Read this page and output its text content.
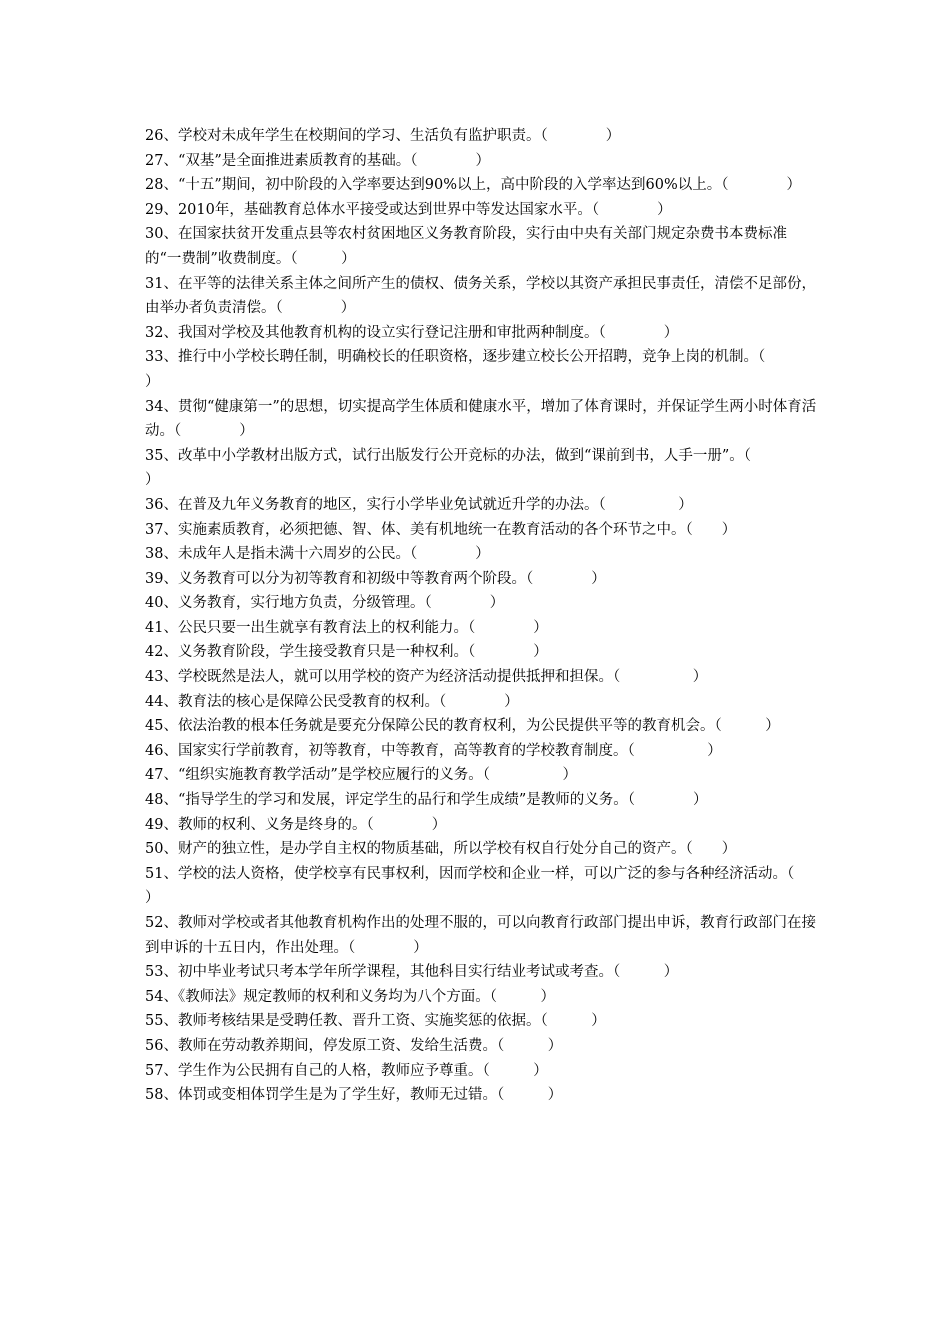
26、学校对未成年学生在校期间的学习、生活负有监护职责。（　　　　）

27、“双基”是全面推进素质教育的基础。（　　　　）

28、“十五”期间，初中阶段的入学率要达到90%以上，高中阶段的入学率达到60%以上。（　　　　）

29、2010年，基础教育总体水平接受或达到世界中等发达国家水平。（　　　　）

30、在国家扶贫开发重点县等农村贫困地区义务教育阶段，实行由中央有关部门规定杂费书本费标准的“一费制”收费制度。（　　　）

31、在平等的法律关系主体之间所产生的债权、债务关系，学校以其资产承担民事责任，清偿不足部份，由举办者负责清偿。（　　　　）

32、我国对学校及其他教育机构的设立实行登记注册和审批两种制度。（　　　　）

33、推行中小学校长聘任制，明确校长的任职资格，逐步建立校长公开招聘，竞争上岗的机制。（　　　　）

34、贯彻“健康第一”的思想，切实提高学生体质和健康水平，增加了体育课时，并保证学生两小时体育活动。（　　　　）

35、改革中小学教材出版方式，试行出版发行公开竞标的办法，做到“课前到书，人手一册”。（　　　　　）

36、在普及九年义务教育的地区，实行小学毕业免试就近升学的办法。（　　　　　）

37、实施素质教育，必须把德、智、体、美有机地统一在教育活动的各个环节之中。（　　）

38、未成年人是指未满十六周岁的公民。（　　　　）

39、义务教育可以分为初等教育和初级中等教育两个阶段。（　　　　）

40、义务教育，实行地方负责，分级管理。（　　　　）

41、公民只要一出生就享有教育法上的权利能力。（　　　　）

42、义务教育阶段，学生接受教育只是一种权利。（　　　　）

43、学校既然是法人，就可以用学校的资产为经济活动提供抵押和担保。（　　　　　）

44、教育法的核心是保障公民受教育的权利。（　　　　）

45、依法治教的根本任务就是要充分保障公民的教育权利，为公民提供平等的教育机会。（　　　）

46、国家实行学前教育，初等教育，中等教育，高等教育的学校教育制度。（　　　　　）

47、“组织实施教育教学活动”是学校应履行的义务。（　　　　　）

48、“指导学生的学习和发展，评定学生的品行和学生成绩”是教师的义务。（　　　　）

49、教师的权利、义务是终身的。（　　　　）

50、财产的独立性，是办学自主权的物质基础，所以学校有权自行处分自己的资产。（　　）

51、学校的法人资格，使学校享有民事权利，因而学校和企业一样，可以广泛的参与各种经济活动。（　　　　）

52、教师对学校或者其他教育机构作出的处理不服的，可以向教育行政部门提出申诉，教育行政部门在接到申诉的十五日内，作出处理。（　　　　）

53、初中毕业考试只考本学年所学课程，其他科目实行结业考试或考查。（　　　）

54、《教师法》规定教师的权利和义务均为八个方面。（　　　）

55、教师考核结果是受聘任教、晋升工资、实施奖惩的依据。（　　　）

56、教师在劳动教养期间，停发原工资、发给生活费。（　　　）

57、学生作为公民拥有自己的人格，教师应予尊重。（　　　）

58、体罚或变相体罚学生是为了学生好，教师无过错。（　　　）
